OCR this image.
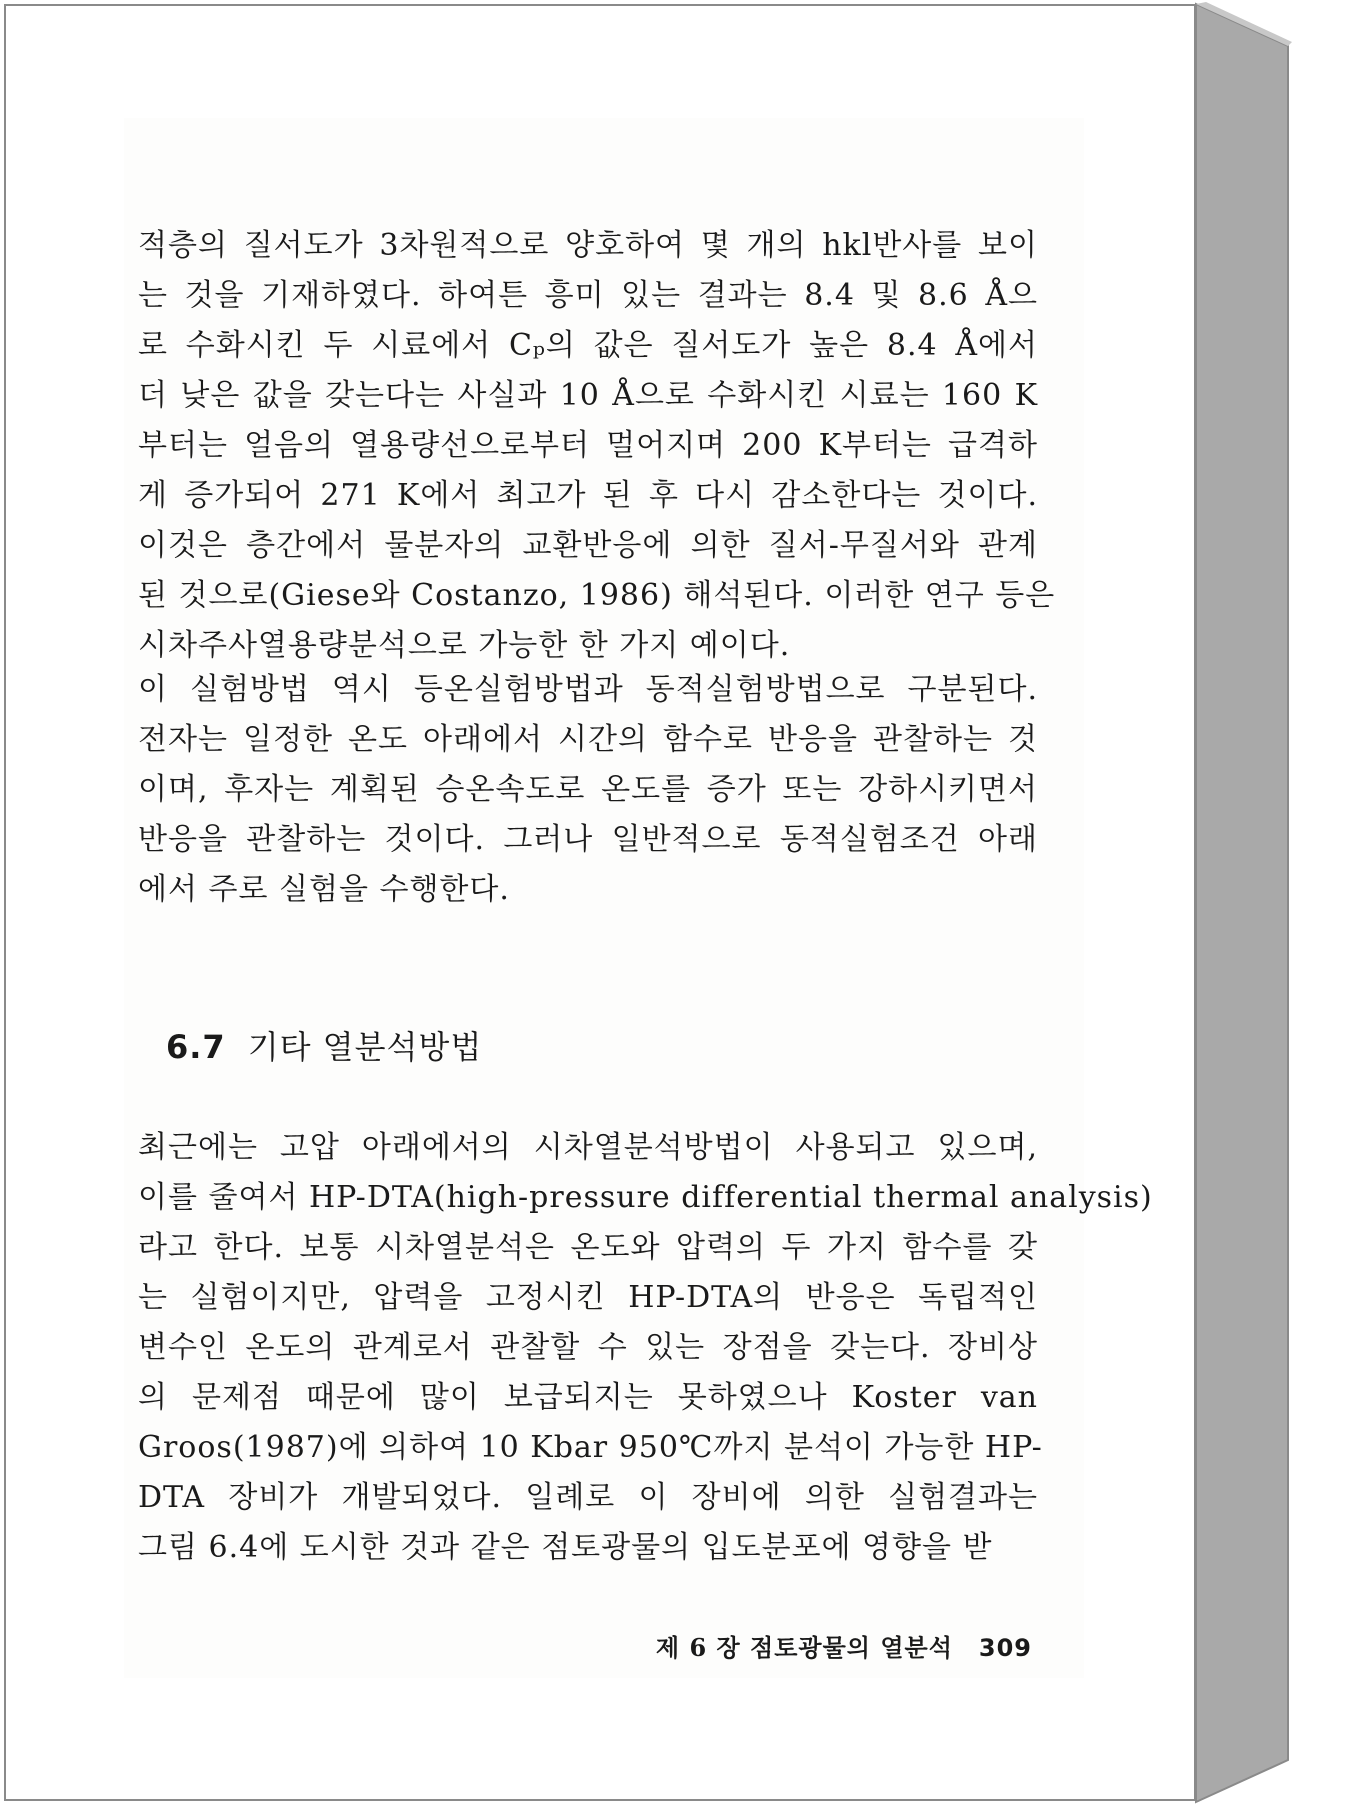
적층의 질서도가 3차원적으로 양호하여 몇 개의 hkl반사를 보이
는 것을 기재하였다. 하여튼 흥미 있는 결과는 8.4 및 8.6 Å으
로 수화시킨 두 시료에서 Cₚ의 값은 질서도가 높은 8.4 Å에서
더 낮은 값을 갖는다는 사실과 10 Å으로 수화시킨 시료는 160 K
부터는 얼음의 열용량선으로부터 멀어지며 200 K부터는 급격하
게 증가되어 271 K에서 최고가 된 후 다시 감소한다는 것이다.
이것은 층간에서 물분자의 교환반응에 의한 질서-무질서와 관계
된 것으로(Giese와 Costanzo, 1986) 해석된다. 이러한 연구 등은
시차주사열용량분석으로 가능한 한 가지 예이다.
이 실험방법 역시 등온실험방법과 동적실험방법으로 구분된다.
전자는 일정한 온도 아래에서 시간의 함수로 반응을 관찰하는 것
이며, 후자는 계획된 승온속도로 온도를 증가 또는 강하시키면서
반응을 관찰하는 것이다. 그러나 일반적으로 동적실험조건 아래
에서 주로 실험을 수행한다.
6.7 기타 열분석방법
최근에는 고압 아래에서의 시차열분석방법이 사용되고 있으며,
이를 줄여서 HP-DTA(high-pressure differential thermal analysis)
라고 한다. 보통 시차열분석은 온도와 압력의 두 가지 함수를 갖
는 실험이지만, 압력을 고정시킨 HP-DTA의 반응은 독립적인
변수인 온도의 관계로서 관찰할 수 있는 장점을 갖는다. 장비상
의 문제점 때문에 많이 보급되지는 못하였으나 Koster van
Groos(1987)에 의하여 10 Kbar 950℃까지 분석이 가능한 HP-
DTA 장비가 개발되었다. 일례로 이 장비에 의한 실험결과는
그림 6.4에 도시한 것과 같은 점토광물의 입도분포에 영향을 받
제 6 장 점토광물의 열분석 309
